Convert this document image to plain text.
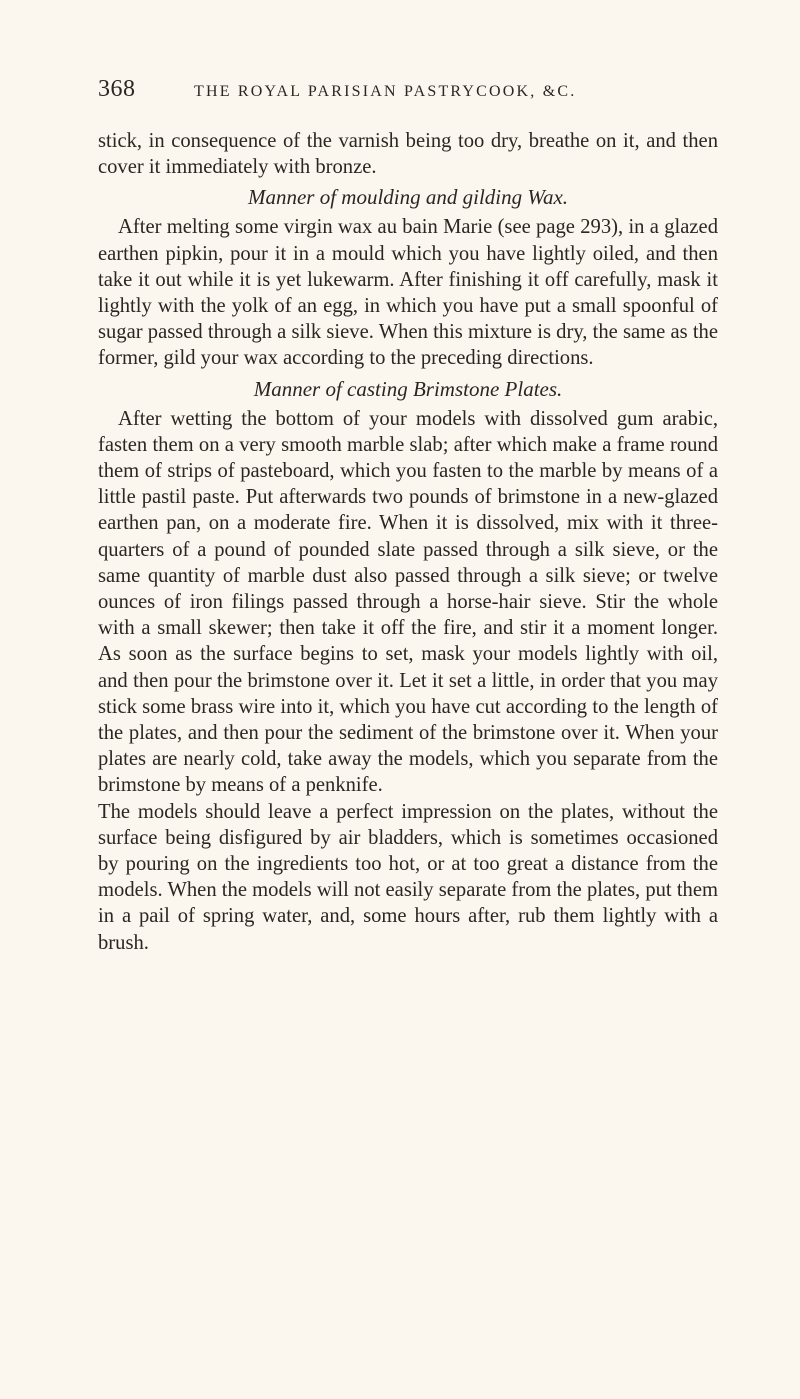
368	THE ROYAL PARISIAN PASTRYCOOK, &C.

stick, in consequence of the varnish being too dry, breathe on it, and then cover it immediately with bronze.

Manner of moulding and gilding Wax.

After melting some virgin wax au bain Marie (see page 293), in a glazed earthen pipkin, pour it in a mould which you have lightly oiled, and then take it out while it is yet lukewarm. After finishing it off carefully, mask it lightly with the yolk of an egg, in which you have put a small spoonful of sugar passed through a silk sieve. When this mixture is dry, the same as the former, gild your wax according to the preceding directions.

Manner of casting Brimstone Plates.

After wetting the bottom of your models with dissolved gum arabic, fasten them on a very smooth marble slab; after which make a frame round them of strips of pasteboard, which you fasten to the marble by means of a little pastil paste. Put afterwards two pounds of brimstone in a new-glazed earthen pan, on a moderate fire. When it is dissolved, mix with it three-quarters of a pound of pounded slate passed through a silk sieve, or the same quantity of marble dust also passed through a silk sieve; or twelve ounces of iron filings passed through a horse-hair sieve. Stir the whole with a small skewer; then take it off the fire, and stir it a moment longer. As soon as the surface begins to set, mask your models lightly with oil, and then pour the brimstone over it. Let it set a little, in order that you may stick some brass wire into it, which you have cut according to the length of the plates, and then pour the sediment of the brimstone over it. When your plates are nearly cold, take away the models, which you separate from the brimstone by means of a penknife.

The models should leave a perfect impression on the plates, without the surface being disfigured by air bladders, which is sometimes occasioned by pouring on the ingredients too hot, or at too great a distance from the models. When the models will not easily separate from the plates, put them in a pail of spring water, and, some hours after, rub them lightly with a brush.
